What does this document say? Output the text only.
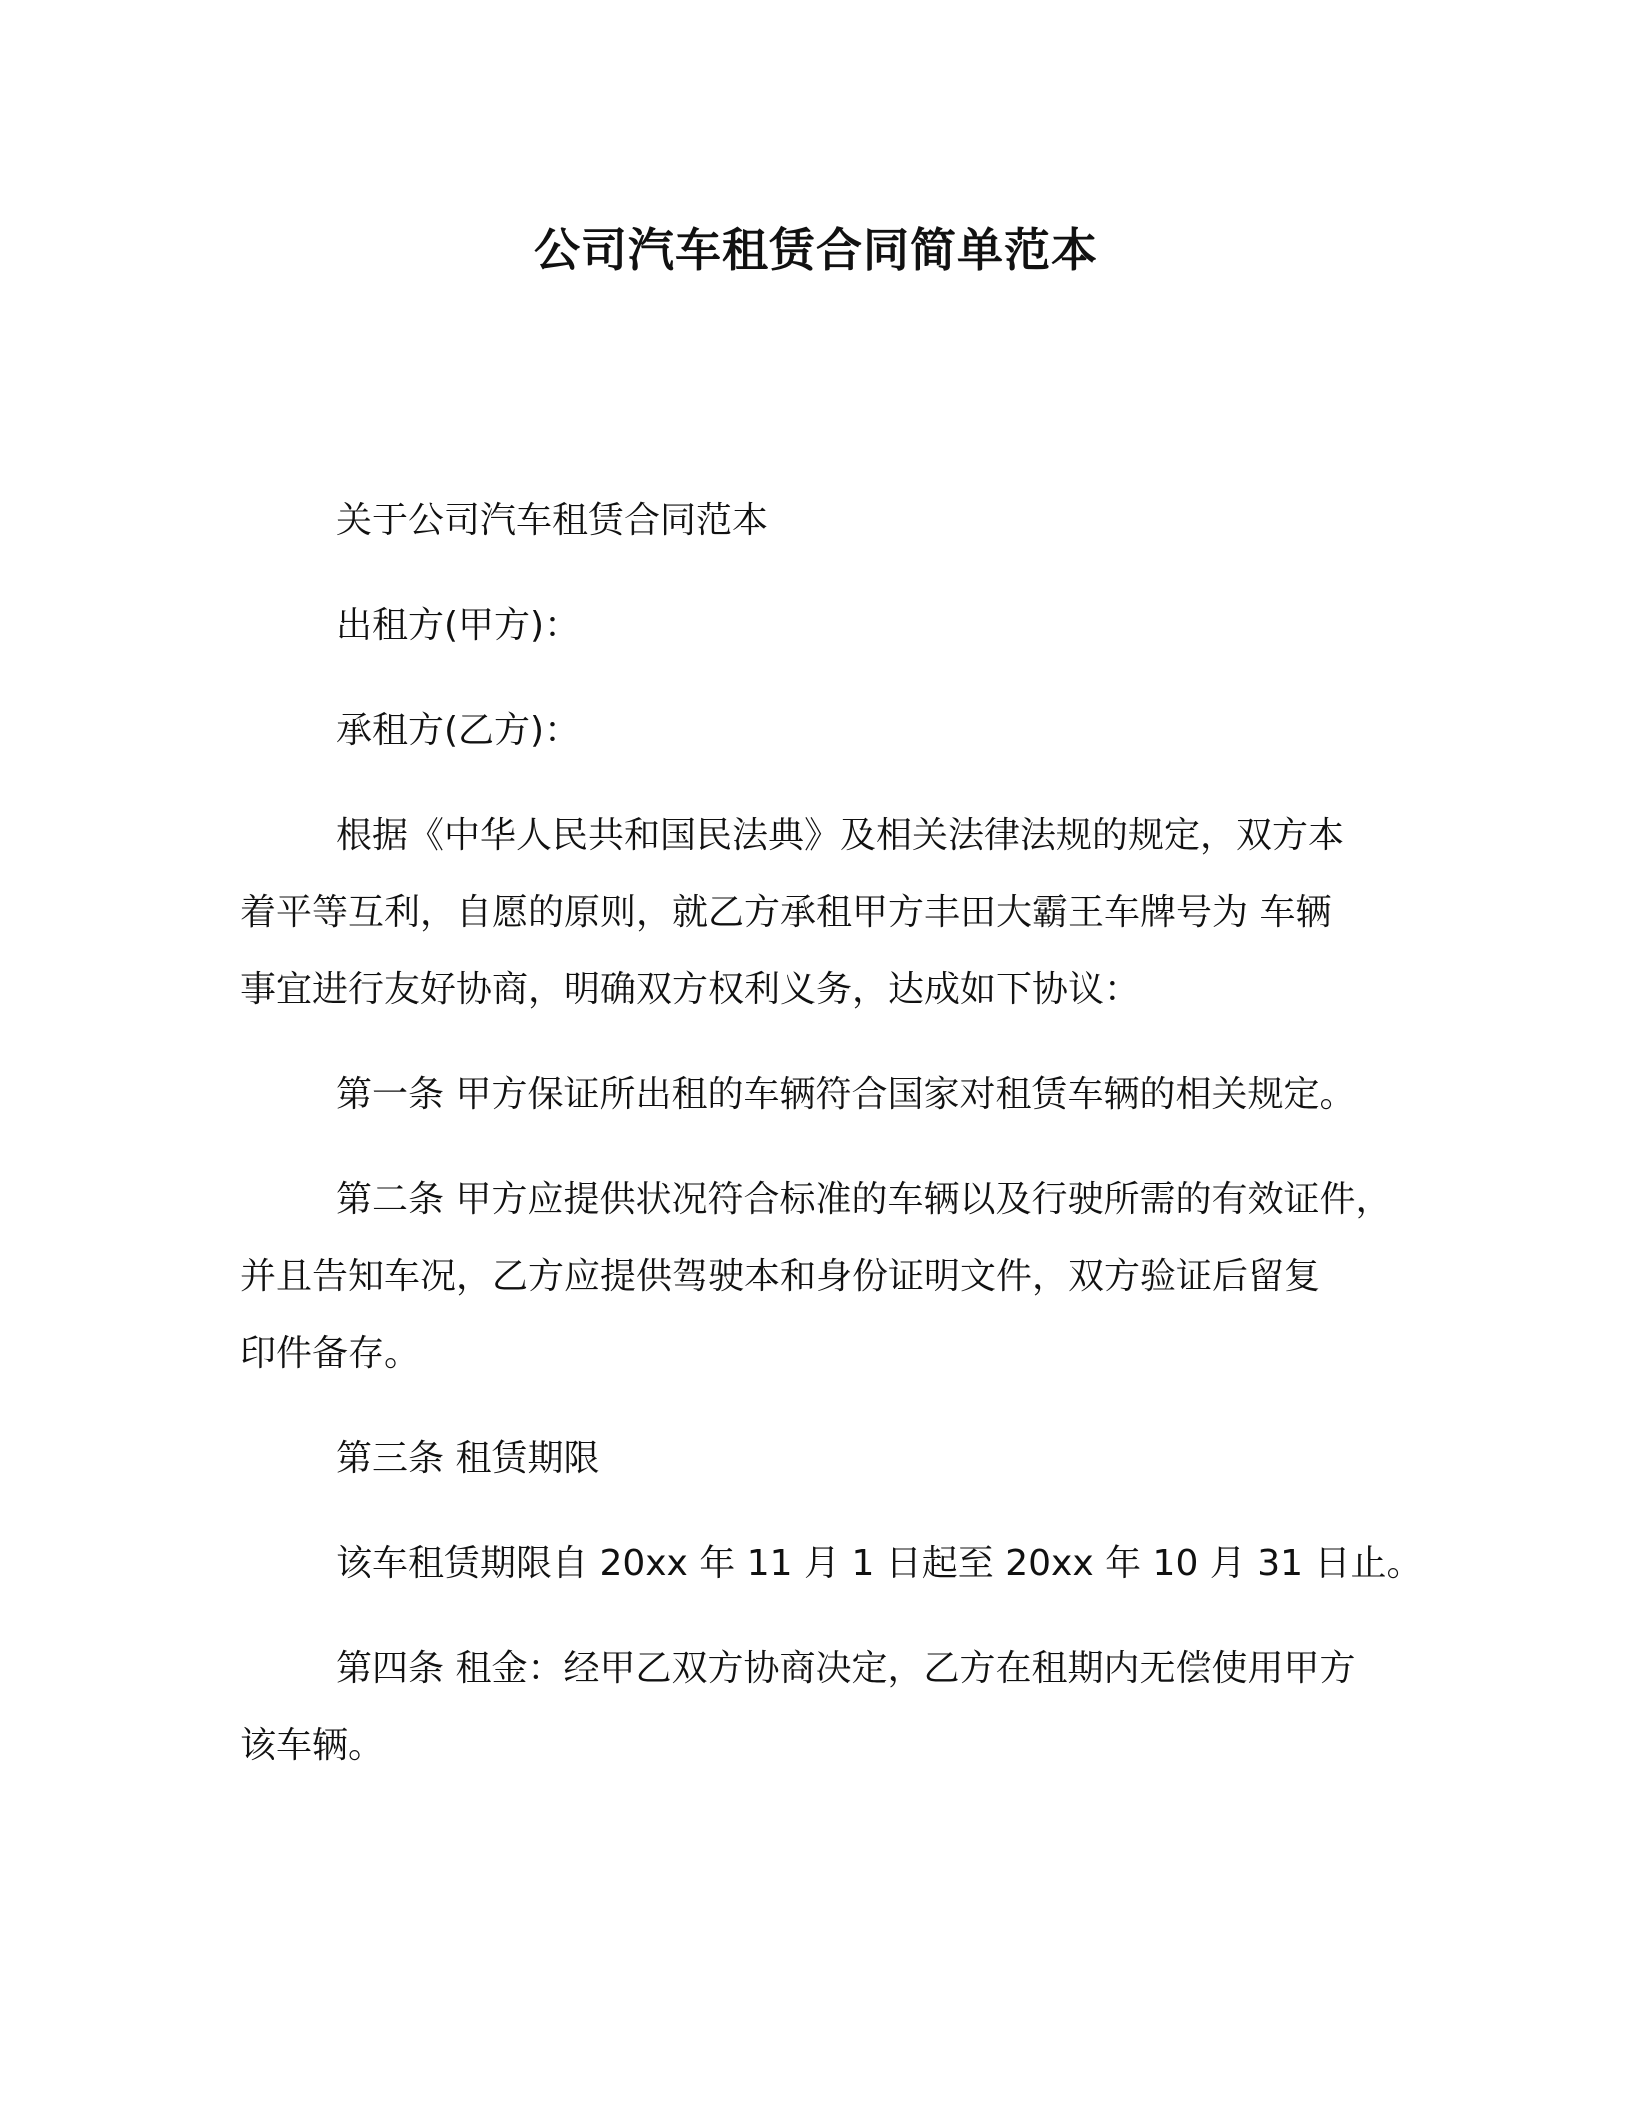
公司汽车租赁合同简单范本
关于公司汽车租赁合同范本
出租方(甲方)：
承租方(乙方)：
根据《中华人民共和国民法典》及相关法律法规的规定，双方本
着平等互利，自愿的原则，就乙方承租甲方丰田大霸王车牌号为 车辆
事宜进行友好协商，明确双方权利义务，达成如下协议：
第一条 甲方保证所出租的车辆符合国家对租赁车辆的相关规定。
第二条 甲方应提供状况符合标准的车辆以及行驶所需的有效证件，
并且告知车况，乙方应提供驾驶本和身份证明文件，双方验证后留复
印件备存。
第三条 租赁期限
该车租赁期限自 20xx 年 11 月 1 日起至 20xx 年 10 月 31 日止。
第四条 租金：经甲乙双方协商决定，乙方在租期内无偿使用甲方
该车辆。
